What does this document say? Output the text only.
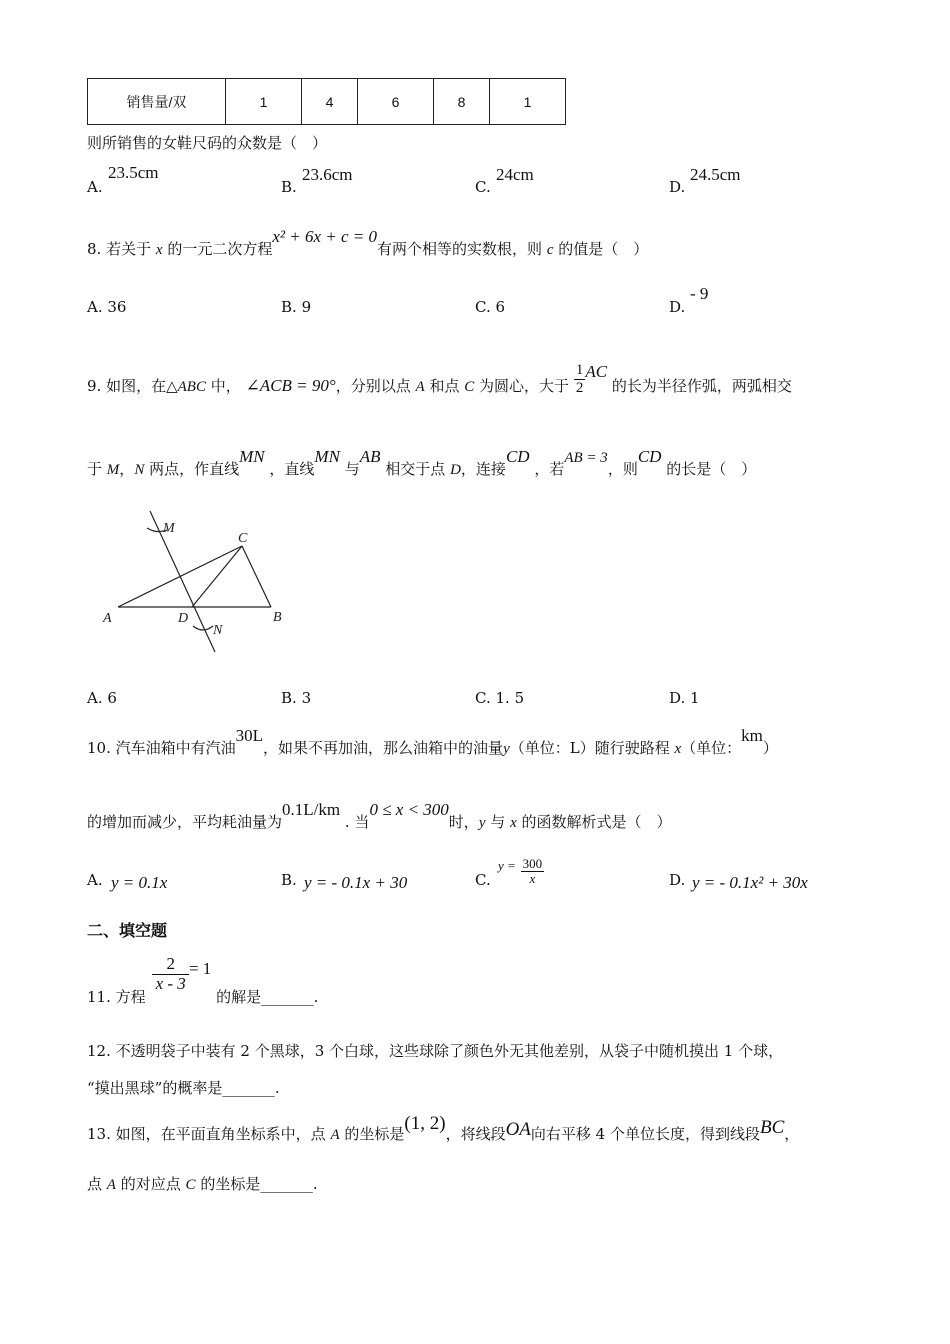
销售量/双	1	4	6	8	1
则所销售的女鞋尺码的众数是（　）
A.
23.5cm
B.
23.6cm
C.
24cm
D.
24.5cm
8. 若关于 x 的一元二次方程x² + 6x + c = 0有两个相等的实数根，则 c 的值是（　）
A. 36	B. 9	C. 6	D.
- 9
9. 如图，在△ABC 中， ∠ACB = 90°，分别以点 A 和点 C 为圆心，大于 $\frac{1}{2}$ AC 的长为半径作弧，两弧相交
于 M，N 两点，作直线MN ，直线MN 与AB 相交于点 D，连接CD ，若AB = 3，则CD 的长是（　）
M
C
A	D
N
B
A. 6	B. 3	C. 1. 5	D. 1
10. 汽车油箱中有汽油30L，如果不再加油，那么油箱中的油量y（单位：L）随行驶路程 x（单位：km）
的增加而减少，平均耗油量为0.1L/km . 当0 ≤ x < 300时，y 与 x 的函数解析式是（　）
A. y = 0.1x	B. y = - 0.1x + 30	C.
$y = \frac{300}{x}$	D. y = - 0.1x² + 30x
二、填空题
11. 方程
$\frac{2}{x - 3} = 1$ 的解是_______.
12. 不透明袋子中装有 2 个黑球，3 个白球，这些球除了颜色外无其他差别，从袋子中随机摸出 1 个球，
“摸出黑球”的概率是_______.
13. 如图，在平面直角坐标系中，点 A 的坐标是(1, 2)，将线段OA向右平移 4 个单位长度，得到线段BC，
点 A 的对应点 C 的坐标是_______.
